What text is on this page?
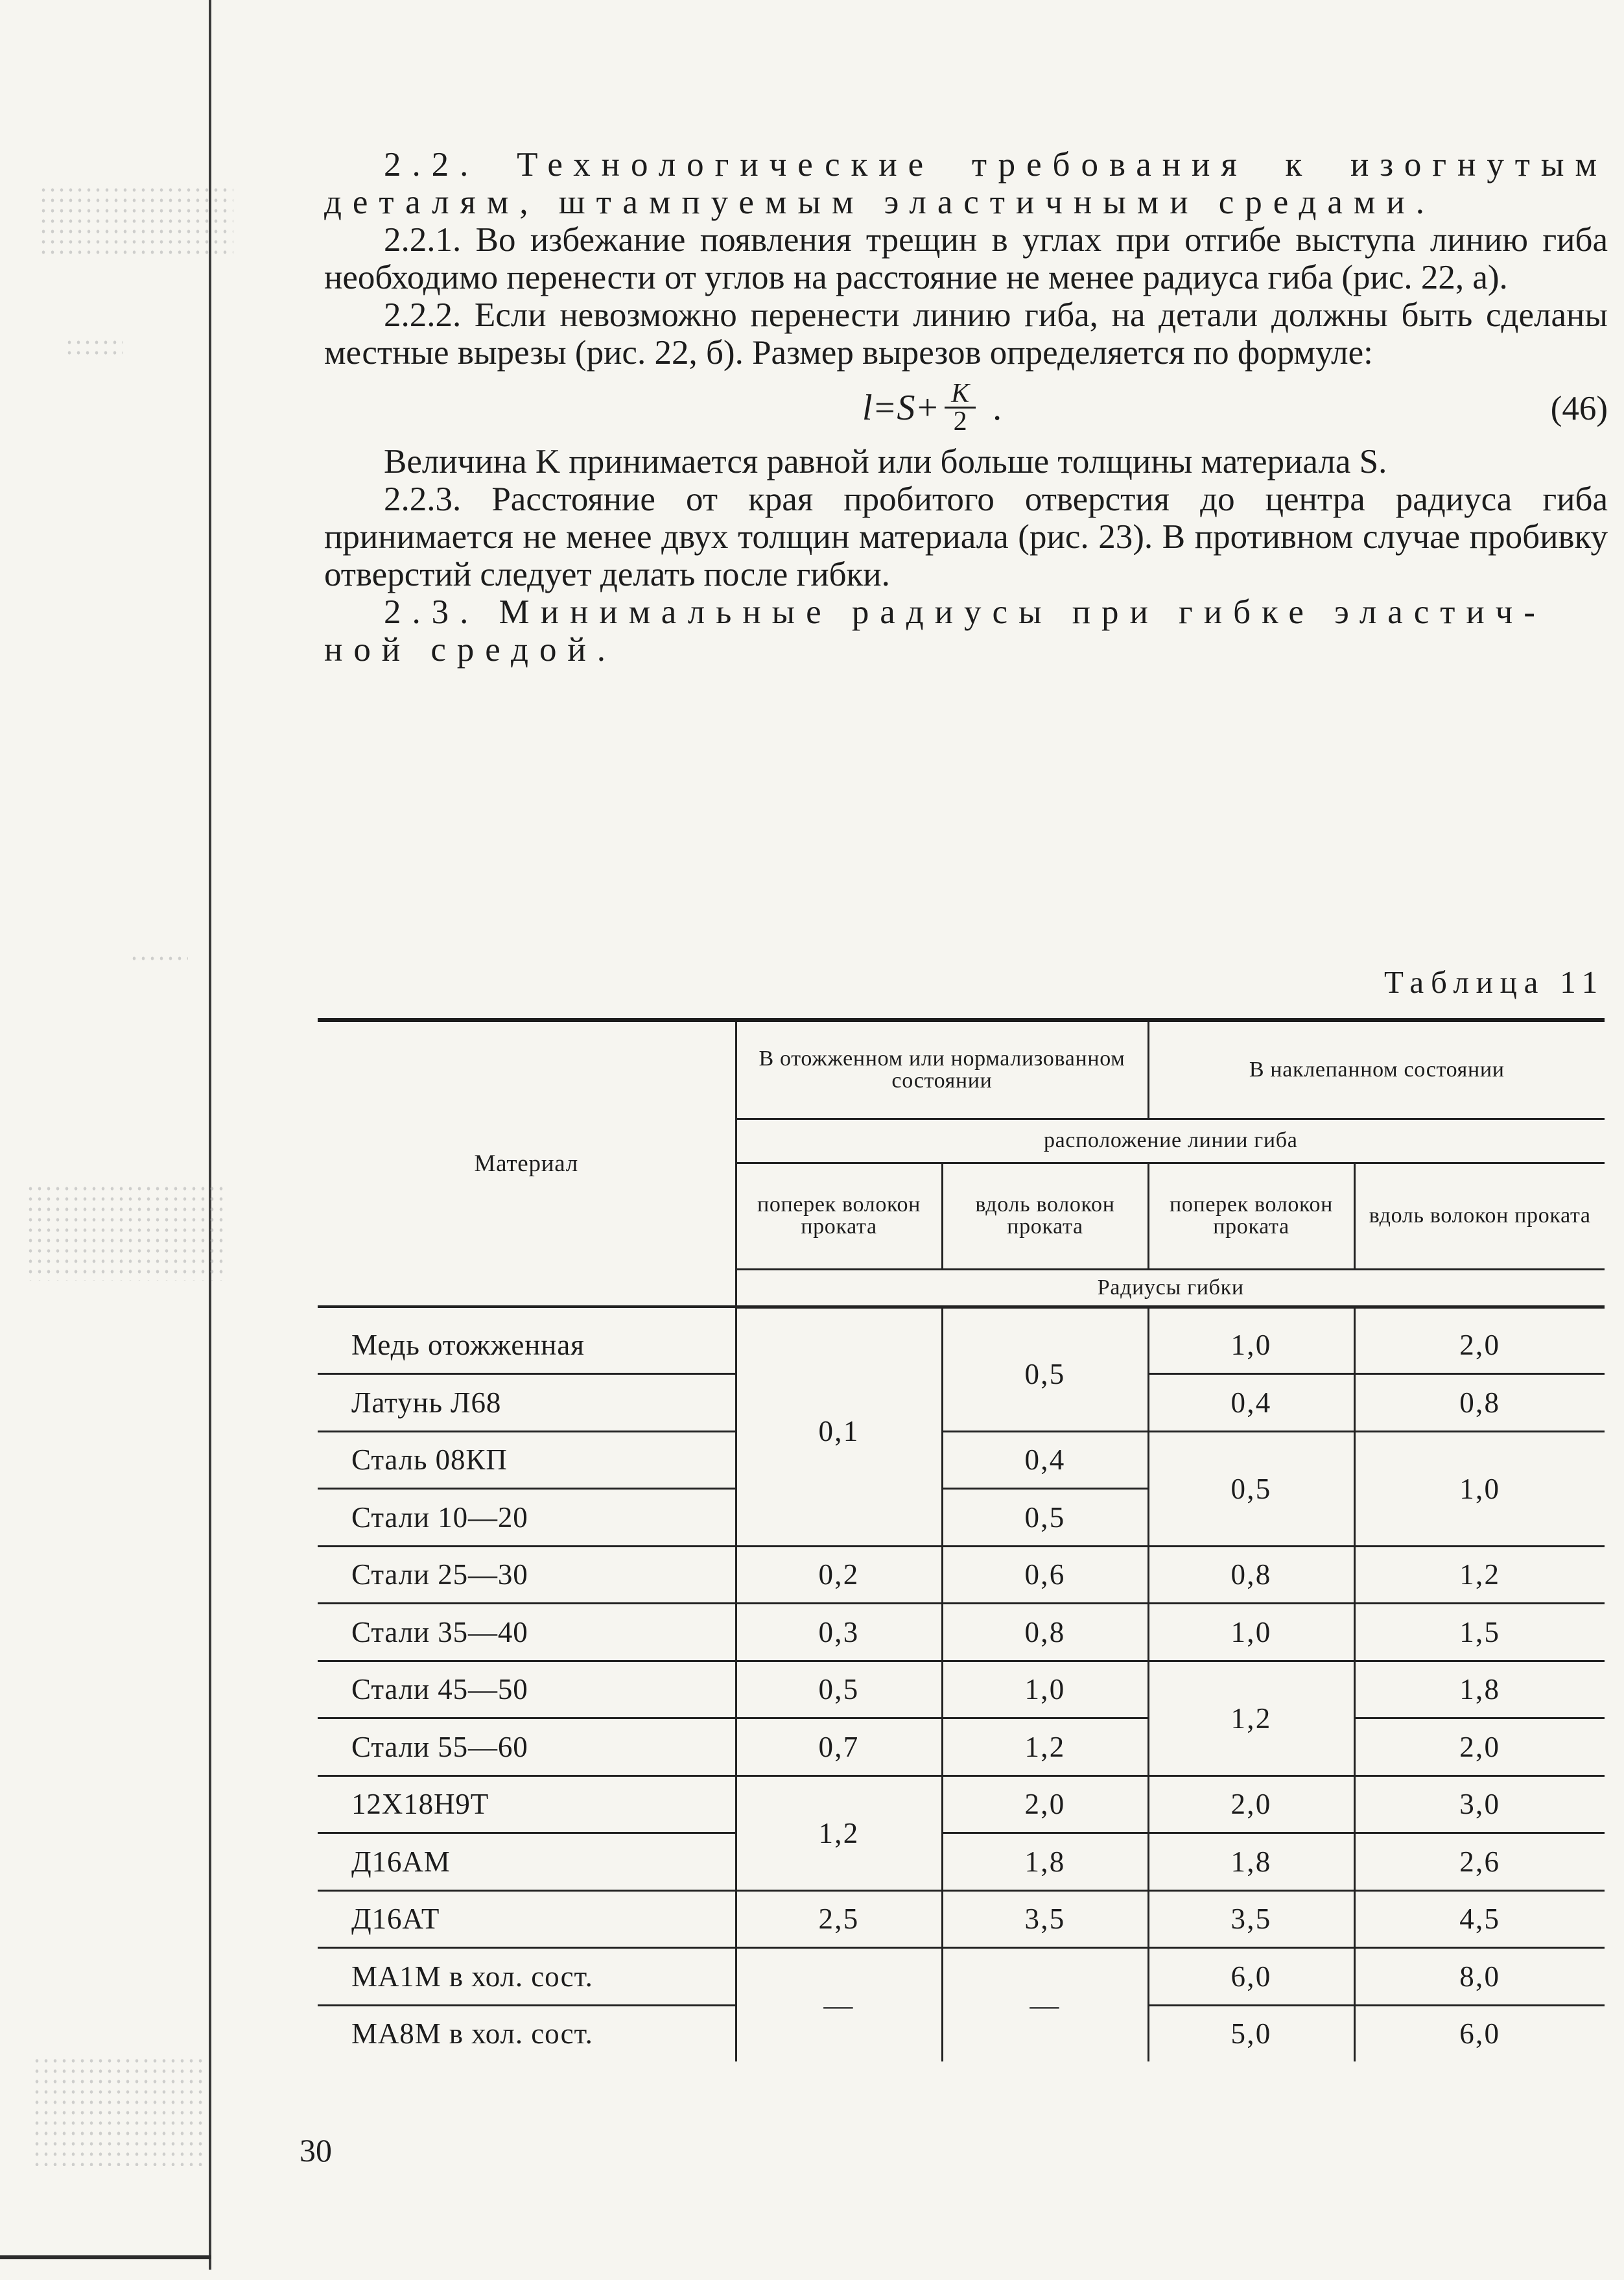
2.2. Технологические требования к изогнутым деталям, штампуемым эластичными средами.

2.2.1. Во избежание появления трещин в углах при отгибе выступа линию гиба необходимо перенести от углов на расстояние не менее радиуса гиба (рис. 22, а).

2.2.2. Если невозможно перенести линию гиба, на детали должны быть сделаны местные вырезы (рис. 22, б). Размер вырезов определяется по формуле:

$l=S+ \frac{K}{2}$ .	(46)

Величина K принимается равной или больше толщины материала S.

2.2.3. Расстояние от края пробитого отверстия до центра радиуса гиба принимается не менее двух толщин материала (рис. 23). В противном случае пробивку отверстий следует делать после гибки.

2.3. Минимальные радиусы при гибке эластич-

ной средой.

Таблица 11
Материал	В отожженном или нормализованном состоянии		В наклепанном состоянии	
	расположение линии гиба			
	поперек волокон проката	вдоль волокон проката	поперек волокон проката	вдоль волокон проката
	Радиусы гибки			
Медь отожженная	0,1	0,5	1,0	2,0
Латунь Л68			0,4	0,8
Сталь 08КП		0,4	0,5	1,0
Стали 10—20		0,5		
Стали 25—30	0,2	0,6	0,8	1,2
Стали 35—40	0,3	0,8	1,0	1,5
Стали 45—50	0,5	1,0	1,2	1,8
Стали 55—60	0,7	1,2		2,0
12Х18Н9Т	1,2	2,0	2,0	3,0
Д16АМ		1,8	1,8	2,6
Д16АТ	2,5	3,5	3,5	4,5
МА1М в хол. сост.	—	—	6,0	8,0
МА8М в хол. сост.			5,0	6,0
30
